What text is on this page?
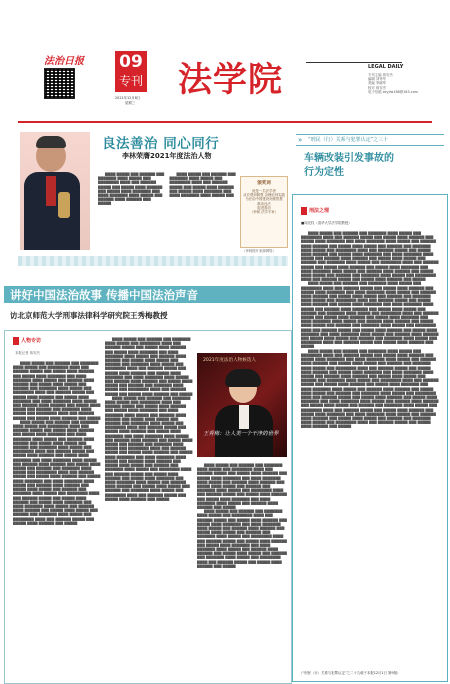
法治日报 09
专刊
2021年12月8日
星期三
法学院	LEGAL DAILY
专刊主编 蒋安杰
编辑 刘秀华
美编 李晓军
校对 蒋安杰
电子信箱 xeyjiw188@163.com
良法善治 同心同行
李林荣膺2021年度法治人物
▇▇▇▇ ▇▇▇▇▇ ▇▇▇ ▇▇▇▇▇▇ ▇▇▇ ▇▇▇▇▇▇▇ ▇▇▇▇ ▇▇▇▇▇ ▇▇▇ ▇▇▇▇▇▇▇▇ ▇▇▇▇ ▇▇▇ ▇▇▇▇▇▇ ▇▇▇▇▇ ▇▇▇ ▇▇▇▇▇ ▇▇▇▇ ▇▇▇▇▇▇ ▇▇▇ ▇▇▇▇▇ ▇▇▇▇ ▇▇▇▇▇▇▇ ▇▇▇ ▇▇▇▇ ▇▇▇▇▇▇▇ ▇▇▇▇ ▇▇▇▇▇ ▇▇▇ ▇▇▇▇▇▇ ▇▇▇▇ ▇▇▇▇▇▇ ▇▇▇ ▇▇▇▇▇
▇▇▇▇ ▇▇▇▇▇ ▇▇▇ ▇▇▇▇▇▇ ▇▇▇ ▇▇▇▇▇▇▇ ▇▇▇▇ ▇▇▇▇▇ ▇▇▇ ▇▇▇▇▇▇▇▇ ▇▇▇▇ ▇▇▇ ▇▇▇▇▇▇ ▇▇▇▇▇ ▇▇▇ ▇▇▇▇▇ ▇▇▇▇ ▇▇▇▇▇▇ ▇▇▇ ▇▇▇▇▇ ▇▇▇▇ ▇▇▇▇▇▇▇ ▇▇▇ ▇▇▇▇ ▇▇▇▇▇▇▇ ▇▇▇▇ ▇▇▇▇▇ ▇▇▇
颁奖词
他是一名法学者
从宏观到微观 由理论到实践
为法治中国建设贡献智慧
推动良法
促进善治
（李林 法学专家）
（李林图片来源网络）
讲好中国法治故事 传播中国法治声音
访北京师范大学刑事法律科学研究院王秀梅教授
人物专访
本报记者 蒋安杰
▇▇▇▇ ▇▇▇▇▇ ▇▇▇ ▇▇▇▇▇▇ ▇▇▇ ▇▇▇▇▇▇▇ ▇▇▇▇ ▇▇▇▇▇ ▇▇▇ ▇▇▇▇▇▇▇▇ ▇▇▇▇ ▇▇▇ ▇▇▇▇▇▇ ▇▇▇▇▇ ▇▇▇ ▇▇▇▇▇ ▇▇▇▇ ▇▇▇▇▇▇ ▇▇▇ ▇▇▇▇▇ ▇▇▇▇ ▇▇▇▇▇▇▇ ▇▇▇ ▇▇▇▇ ▇▇▇▇▇▇▇ ▇▇▇▇ ▇▇▇▇▇ ▇▇▇ ▇▇▇▇▇▇ ▇▇▇▇ ▇▇▇▇▇▇ ▇▇▇ ▇▇▇▇▇ ▇▇▇▇ ▇▇▇▇▇ ▇▇▇ ▇▇▇▇▇▇ ▇▇▇ ▇▇▇▇▇▇▇ ▇▇▇▇ ▇▇▇▇▇ ▇▇▇ ▇▇▇▇▇▇▇▇ ▇▇▇▇ ▇▇▇ ▇▇▇▇▇▇ ▇▇▇▇▇ ▇▇▇ ▇▇▇▇▇ ▇▇▇▇ ▇▇▇▇▇▇ ▇▇▇ ▇▇▇▇▇ ▇▇▇▇ ▇▇▇▇▇▇▇ ▇▇▇ ▇▇▇▇ ▇▇▇▇▇▇▇ ▇▇▇▇ ▇▇▇▇▇ ▇▇▇ ▇▇▇▇▇▇ ▇▇▇▇ ▇▇▇▇▇▇ ▇▇▇ ▇▇▇▇▇ ▇▇▇▇ ▇▇▇▇▇ ▇▇▇ ▇▇▇▇▇▇ ▇▇▇ ▇▇▇▇▇▇▇ ▇▇▇▇ ▇▇▇▇▇ ▇▇▇ ▇▇▇▇▇▇▇▇ ▇▇▇▇ ▇▇▇ ▇▇▇▇▇▇ ▇▇▇▇▇ ▇▇▇ ▇▇▇▇▇ ▇▇▇▇ ▇▇▇▇▇▇ ▇▇▇ ▇▇▇▇▇
▇▇▇▇ ▇▇▇▇▇ ▇▇▇ ▇▇▇▇▇▇ ▇▇▇ ▇▇▇▇▇▇▇ ▇▇▇▇ ▇▇▇▇▇ ▇▇▇ ▇▇▇▇▇▇▇▇ ▇▇▇▇ ▇▇▇ ▇▇▇▇▇▇ ▇▇▇▇▇ ▇▇▇ ▇▇▇▇▇ ▇▇▇▇ ▇▇▇▇▇▇ ▇▇▇ ▇▇▇▇▇ ▇▇▇▇ ▇▇▇▇▇▇▇ ▇▇▇ ▇▇▇▇ ▇▇▇▇▇▇▇ ▇▇▇▇ ▇▇▇▇▇ ▇▇▇ ▇▇▇▇▇▇ ▇▇▇▇ ▇▇▇▇▇▇ ▇▇▇ ▇▇▇▇▇ ▇▇▇▇ ▇▇▇▇▇ ▇▇▇ ▇▇▇▇▇▇ ▇▇▇ ▇▇▇▇▇▇▇ ▇▇▇▇ ▇▇▇▇▇ ▇▇▇ ▇▇▇▇▇▇▇▇ ▇▇▇▇ ▇▇▇ ▇▇▇▇▇▇ ▇▇▇▇▇ ▇▇▇ ▇▇▇▇▇ ▇▇▇▇ ▇▇▇▇▇▇ ▇▇▇ ▇▇▇▇▇ ▇▇▇▇ ▇▇▇▇▇▇▇ ▇▇▇ ▇▇▇▇ ▇▇▇▇▇▇▇ ▇▇▇▇ ▇▇▇▇▇ ▇▇▇ ▇▇▇▇▇▇ ▇▇▇▇ ▇▇▇▇▇▇ ▇▇▇ ▇▇▇▇▇ ▇▇▇▇ ▇▇▇▇▇ ▇▇▇ ▇▇▇▇▇▇ ▇▇▇ ▇▇▇▇▇▇▇ ▇▇▇▇ ▇▇▇▇▇ ▇▇▇ ▇▇▇▇▇▇▇▇ ▇▇▇▇ ▇▇▇ ▇▇▇▇▇▇ ▇▇▇▇▇ ▇▇▇ ▇▇▇▇▇ ▇▇▇▇ ▇▇▇▇▇▇ ▇▇▇ ▇▇▇▇▇ ▇▇▇▇ ▇▇▇▇▇▇▇ ▇▇▇ ▇▇▇▇ ▇▇▇▇▇▇▇ ▇▇▇▇ ▇▇▇▇▇ ▇▇▇ ▇▇▇▇▇▇ ▇▇▇▇ ▇▇▇▇▇▇ ▇▇▇ ▇▇▇▇▇ ▇▇▇▇ ▇▇▇▇▇ ▇▇▇ ▇▇▇▇▇▇ ▇▇▇ ▇▇▇▇▇▇▇ ▇▇▇▇ ▇▇▇▇▇ ▇▇▇ ▇▇▇▇▇▇▇▇ ▇▇▇▇ ▇▇▇ ▇▇▇▇▇▇ ▇▇▇▇▇ ▇▇▇ ▇▇▇▇▇ ▇▇▇▇ ▇▇▇▇▇▇ ▇▇▇ ▇▇▇▇▇ ▇▇▇▇ ▇▇▇▇▇▇▇ ▇▇▇ ▇▇▇▇ ▇▇▇▇▇▇▇ ▇▇▇▇ ▇▇▇▇▇ ▇▇▇ ▇▇▇▇▇▇ ▇▇▇▇ ▇▇▇▇▇▇ ▇▇▇ ▇▇▇▇▇ ▇▇▇▇ ▇▇▇▇▇ ▇▇▇ ▇▇▇▇▇▇ ▇▇▇ ▇▇▇▇▇▇▇ ▇▇▇▇ ▇▇▇▇▇ ▇▇▇ ▇▇▇▇▇▇▇▇ ▇▇▇▇ ▇▇▇ ▇▇▇▇▇▇ ▇▇▇▇▇ ▇▇▇ ▇▇▇▇▇ ▇▇▇▇ ▇▇▇▇▇▇ ▇▇▇ ▇▇▇▇▇
▇▇▇▇ ▇▇▇▇▇ ▇▇▇ ▇▇▇▇▇▇ ▇▇▇ ▇▇▇▇▇▇▇ ▇▇▇▇ ▇▇▇▇▇ ▇▇▇ ▇▇▇▇▇▇▇▇ ▇▇▇▇ ▇▇▇ ▇▇▇▇▇▇ ▇▇▇▇▇ ▇▇▇ ▇▇▇▇▇ ▇▇▇▇ ▇▇▇▇▇▇ ▇▇▇ ▇▇▇▇▇ ▇▇▇▇ ▇▇▇▇▇▇▇ ▇▇▇ ▇▇▇▇ ▇▇▇▇▇▇▇ ▇▇▇▇ ▇▇▇▇▇ ▇▇▇ ▇▇▇▇▇▇ ▇▇▇▇ ▇▇▇▇▇▇ ▇▇▇ ▇▇▇▇▇ ▇▇▇▇ ▇▇▇▇▇ ▇▇▇ ▇▇▇▇▇▇ ▇▇▇ ▇▇▇▇▇▇▇ ▇▇▇▇ ▇▇▇▇▇ ▇▇▇ ▇▇▇▇▇▇▇▇ ▇▇▇▇ ▇▇▇ ▇▇▇▇▇▇ ▇▇▇▇▇ ▇▇▇ ▇▇▇▇▇ ▇▇▇▇ ▇▇▇▇▇▇ ▇▇▇ ▇▇▇▇▇ ▇▇▇▇ ▇▇▇▇▇▇▇ ▇▇▇ ▇▇▇▇ ▇▇▇▇▇▇▇ ▇▇▇▇ ▇▇▇▇▇ ▇▇▇ ▇▇▇▇▇▇ ▇▇▇▇ ▇▇▇▇▇▇ ▇▇▇ ▇▇▇▇▇ ▇▇▇▇ ▇▇▇▇▇ ▇▇▇ ▇▇▇▇▇▇ ▇▇▇ ▇▇▇▇▇▇▇ ▇▇▇▇ ▇▇▇▇▇ ▇▇▇ ▇▇▇▇▇▇▇▇ ▇▇▇▇ ▇▇▇ ▇▇▇▇▇▇ ▇▇▇▇▇ ▇▇▇ ▇▇▇▇▇ ▇▇▇▇ ▇▇▇▇▇▇ ▇▇▇ ▇▇▇▇▇
▇▇▇▇ ▇▇▇▇▇ ▇▇▇ ▇▇▇▇▇▇ ▇▇▇ ▇▇▇▇▇▇▇ ▇▇▇▇ ▇▇▇▇▇ ▇▇▇ ▇▇▇▇▇▇▇▇ ▇▇▇▇ ▇▇▇ ▇▇▇▇▇▇ ▇▇▇▇▇ ▇▇▇ ▇▇▇▇▇ ▇▇▇▇ ▇▇▇▇▇▇ ▇▇▇ ▇▇▇▇▇ ▇▇▇▇ ▇▇▇▇▇▇▇ ▇▇▇ ▇▇▇▇ ▇▇▇▇▇▇▇ ▇▇▇▇ ▇▇▇▇▇ ▇▇▇ ▇▇▇▇▇▇ ▇▇▇▇ ▇▇▇▇▇▇ ▇▇▇ ▇▇▇▇▇ ▇▇▇▇ ▇▇▇▇▇ ▇▇▇ ▇▇▇▇▇▇ ▇▇▇ ▇▇▇▇▇▇▇ ▇▇▇▇ ▇▇▇▇▇ ▇▇▇ ▇▇▇▇▇▇▇▇ ▇▇▇▇ ▇▇▇ ▇▇▇▇▇▇ ▇▇▇▇▇ ▇▇▇ ▇▇▇▇▇ ▇▇▇▇ ▇▇▇▇▇▇ ▇▇▇ ▇▇▇▇▇ ▇▇▇▇ ▇▇▇▇▇▇▇ ▇▇▇ ▇▇▇▇ ▇▇▇▇▇▇▇ ▇▇▇▇ ▇▇▇▇▇ ▇▇▇ ▇▇▇▇▇▇ ▇▇▇▇ ▇▇▇▇▇▇ ▇▇▇ ▇▇▇▇▇ ▇▇▇▇ ▇▇▇▇▇ ▇▇▇ ▇▇▇▇▇▇ ▇▇▇ ▇▇▇▇▇▇▇ ▇▇▇▇ ▇▇▇▇▇ ▇▇▇ ▇▇▇▇▇▇▇▇ ▇▇▇▇ ▇▇▇ ▇▇▇▇▇▇ ▇▇▇▇▇ ▇▇▇ ▇▇▇▇▇ ▇▇▇▇ ▇▇▇▇▇▇ ▇▇▇ ▇▇▇▇▇ ▇▇▇▇ ▇▇▇▇▇▇▇ ▇▇▇ ▇▇▇▇ ▇▇▇▇▇▇▇ ▇▇▇▇ ▇▇▇▇▇ ▇▇▇ ▇▇▇▇▇▇ ▇▇▇▇ ▇▇▇▇▇▇ ▇▇▇ ▇▇▇▇▇ ▇▇▇▇ ▇▇▇▇▇ ▇▇▇ ▇▇▇▇▇▇ ▇▇▇ ▇▇▇▇▇▇▇ ▇▇▇▇ ▇▇▇▇▇ ▇▇▇ ▇▇▇▇▇▇▇▇ ▇▇▇▇ ▇▇▇ ▇▇▇▇▇▇ ▇▇▇▇▇ ▇▇▇ ▇▇▇▇▇ ▇▇▇▇ ▇▇▇▇▇▇ ▇▇▇ ▇▇▇▇▇ ▇▇▇▇ ▇▇▇▇▇▇▇ ▇▇▇ ▇▇▇▇ ▇▇▇▇▇▇▇ ▇▇▇▇ ▇▇▇▇▇ ▇▇▇ ▇▇▇▇▇▇ ▇▇▇▇ ▇▇▇▇▇▇ ▇▇▇ ▇▇▇▇▇ ▇▇▇▇ ▇▇▇▇▇ ▇▇▇ ▇▇▇▇▇▇ ▇▇▇ ▇▇▇▇▇▇▇ ▇▇▇▇ ▇▇▇▇▇ ▇▇▇ ▇▇▇▇▇▇▇▇ ▇▇▇▇ ▇▇▇ ▇▇▇▇▇▇ ▇▇▇▇▇ ▇▇▇ ▇▇▇▇▇ ▇▇▇▇ ▇▇▇▇▇▇ ▇▇▇ ▇▇▇▇▇
2021年度法治人物候选人
王秀梅：让人类一个干净的世界
▇▇▇▇ ▇▇▇▇▇ ▇▇▇ ▇▇▇▇▇▇ ▇▇▇ ▇▇▇▇▇▇▇ ▇▇▇▇ ▇▇▇▇▇ ▇▇▇ ▇▇▇▇▇▇▇▇ ▇▇▇▇ ▇▇▇ ▇▇▇▇▇▇ ▇▇▇▇▇ ▇▇▇ ▇▇▇▇▇ ▇▇▇▇ ▇▇▇▇▇▇ ▇▇▇ ▇▇▇▇▇ ▇▇▇▇ ▇▇▇▇▇▇▇ ▇▇▇ ▇▇▇▇ ▇▇▇▇▇▇▇ ▇▇▇▇ ▇▇▇▇▇ ▇▇▇ ▇▇▇▇▇▇ ▇▇▇▇ ▇▇▇▇▇▇ ▇▇▇ ▇▇▇▇▇ ▇▇▇▇ ▇▇▇▇▇ ▇▇▇ ▇▇▇▇▇▇ ▇▇▇ ▇▇▇▇▇▇▇ ▇▇▇▇ ▇▇▇▇▇ ▇▇▇ ▇▇▇▇▇▇▇▇ ▇▇▇▇ ▇▇▇ ▇▇▇▇▇▇ ▇▇▇▇▇ ▇▇▇ ▇▇▇▇▇ ▇▇▇▇ ▇▇▇▇▇▇ ▇▇▇ ▇▇▇▇▇ ▇▇▇▇ ▇▇▇▇▇▇▇ ▇▇▇ ▇▇▇▇ ▇▇▇▇▇▇▇ ▇▇▇▇ ▇▇▇▇▇ ▇▇▇ ▇▇▇▇▇▇ ▇▇▇▇ ▇▇▇▇▇▇ ▇▇▇ ▇▇▇▇▇
▇▇▇▇ ▇▇▇▇▇ ▇▇▇ ▇▇▇▇▇▇ ▇▇▇ ▇▇▇▇▇▇▇ ▇▇▇▇ ▇▇▇▇▇ ▇▇▇ ▇▇▇▇▇▇▇▇ ▇▇▇▇ ▇▇▇ ▇▇▇▇▇▇ ▇▇▇▇▇ ▇▇▇ ▇▇▇▇▇ ▇▇▇▇ ▇▇▇▇▇▇ ▇▇▇ ▇▇▇▇▇ ▇▇▇▇ ▇▇▇▇▇▇▇ ▇▇▇ ▇▇▇▇ ▇▇▇▇▇▇▇ ▇▇▇▇ ▇▇▇▇▇ ▇▇▇ ▇▇▇▇▇▇ ▇▇▇▇ ▇▇▇▇▇▇ ▇▇▇ ▇▇▇▇▇ ▇▇▇▇ ▇▇▇▇▇ ▇▇▇ ▇▇▇▇▇▇ ▇▇▇ ▇▇▇▇▇▇▇ ▇▇▇▇ ▇▇▇▇▇ ▇▇▇ ▇▇▇▇▇▇▇▇ ▇▇▇▇ ▇▇▇ ▇▇▇▇▇▇ ▇▇▇▇▇ ▇▇▇ ▇▇▇▇▇ ▇▇▇▇ ▇▇▇▇▇▇ ▇▇▇ ▇▇▇▇▇ ▇▇▇▇ ▇▇▇▇▇▇▇ ▇▇▇ ▇▇▇▇ ▇▇▇▇▇▇▇ ▇▇▇▇ ▇▇▇▇▇ ▇▇▇ ▇▇▇▇▇▇ ▇▇▇▇ ▇▇▇▇▇▇ ▇▇▇ ▇▇▇▇▇ ▇▇▇▇ ▇▇▇▇▇ ▇▇▇ ▇▇▇▇▇▇ ▇▇▇ ▇▇▇▇▇▇▇ ▇▇▇▇ ▇▇▇▇▇ ▇▇▇ ▇▇▇▇▇▇▇▇ ▇▇▇▇ ▇▇▇ ▇▇▇▇▇▇ ▇▇▇▇▇ ▇▇▇ ▇▇▇▇▇ ▇▇▇▇ ▇▇▇▇▇▇ ▇▇▇ ▇▇▇▇▇
» “刑民（行）关系与犯罪认定”之三十
车辆改装引发事故的行为定性
刑法之理
■周光权（清华大学法学院教授）
▇▇▇▇ ▇▇▇▇▇ ▇▇▇ ▇▇▇▇▇▇ ▇▇▇ ▇▇▇▇▇▇▇ ▇▇▇▇ ▇▇▇▇▇ ▇▇▇ ▇▇▇▇▇▇▇▇ ▇▇▇▇ ▇▇▇ ▇▇▇▇▇▇ ▇▇▇▇▇ ▇▇▇ ▇▇▇▇▇ ▇▇▇▇ ▇▇▇▇▇▇ ▇▇▇ ▇▇▇▇▇ ▇▇▇▇ ▇▇▇▇▇▇▇ ▇▇▇ ▇▇▇▇ ▇▇▇▇▇▇▇ ▇▇▇▇ ▇▇▇▇▇ ▇▇▇ ▇▇▇▇▇▇ ▇▇▇▇ ▇▇▇▇▇▇ ▇▇▇ ▇▇▇▇▇ ▇▇▇▇ ▇▇▇▇▇ ▇▇▇ ▇▇▇▇▇▇ ▇▇▇ ▇▇▇▇▇▇▇ ▇▇▇▇ ▇▇▇▇▇ ▇▇▇ ▇▇▇▇▇▇▇▇ ▇▇▇▇ ▇▇▇ ▇▇▇▇▇▇ ▇▇▇▇▇ ▇▇▇ ▇▇▇▇▇ ▇▇▇▇ ▇▇▇▇▇▇ ▇▇▇ ▇▇▇▇▇ ▇▇▇▇ ▇▇▇▇▇▇▇ ▇▇▇ ▇▇▇▇ ▇▇▇▇▇▇▇ ▇▇▇▇ ▇▇▇▇▇ ▇▇▇ ▇▇▇▇▇▇ ▇▇▇▇ ▇▇▇▇▇▇ ▇▇▇ ▇▇▇▇▇ ▇▇▇▇ ▇▇▇▇▇ ▇▇▇ ▇▇▇▇▇▇ ▇▇▇ ▇▇▇▇▇▇▇ ▇▇▇▇ ▇▇▇▇▇ ▇▇▇ ▇▇▇▇▇▇▇▇ ▇▇▇▇ ▇▇▇ ▇▇▇▇▇▇ ▇▇▇▇▇ ▇▇▇ ▇▇▇▇▇ ▇▇▇▇ ▇▇▇▇▇▇ ▇▇▇ ▇▇▇▇▇ ▇▇▇▇ ▇▇▇▇▇▇▇ ▇▇▇ ▇▇▇▇ ▇▇▇▇▇▇▇ ▇▇▇▇ ▇▇▇▇▇ ▇▇▇ ▇▇▇▇▇▇ ▇▇▇▇ ▇▇▇▇▇▇ ▇▇▇ ▇▇▇▇▇ ▇▇▇▇ ▇▇▇▇▇ ▇▇▇ ▇▇▇▇▇▇ ▇▇▇ ▇▇▇▇▇▇▇ ▇▇▇▇ ▇▇▇▇▇ ▇▇▇ ▇▇▇▇▇▇▇▇ ▇▇▇▇ ▇▇▇ ▇▇▇▇▇▇ ▇▇▇▇▇ ▇▇▇ ▇▇▇▇▇ ▇▇▇▇ ▇▇▇▇▇▇ ▇▇▇ ▇▇▇▇▇
▇▇▇▇ ▇▇▇▇▇ ▇▇▇ ▇▇▇▇▇▇ ▇▇▇ ▇▇▇▇▇▇▇ ▇▇▇▇ ▇▇▇▇▇ ▇▇▇ ▇▇▇▇▇▇▇▇ ▇▇▇▇ ▇▇▇ ▇▇▇▇▇▇ ▇▇▇▇▇ ▇▇▇ ▇▇▇▇▇ ▇▇▇▇ ▇▇▇▇▇▇ ▇▇▇ ▇▇▇▇▇ ▇▇▇▇ ▇▇▇▇▇▇▇ ▇▇▇ ▇▇▇▇ ▇▇▇▇▇▇▇ ▇▇▇▇ ▇▇▇▇▇ ▇▇▇ ▇▇▇▇▇▇ ▇▇▇▇ ▇▇▇▇▇▇ ▇▇▇ ▇▇▇▇▇ ▇▇▇▇ ▇▇▇▇▇ ▇▇▇ ▇▇▇▇▇▇ ▇▇▇ ▇▇▇▇▇▇▇ ▇▇▇▇ ▇▇▇▇▇ ▇▇▇ ▇▇▇▇▇▇▇▇ ▇▇▇▇ ▇▇▇ ▇▇▇▇▇▇ ▇▇▇▇▇ ▇▇▇ ▇▇▇▇▇ ▇▇▇▇ ▇▇▇▇▇▇ ▇▇▇ ▇▇▇▇▇ ▇▇▇▇ ▇▇▇▇▇▇▇ ▇▇▇ ▇▇▇▇ ▇▇▇▇▇▇▇ ▇▇▇▇ ▇▇▇▇▇ ▇▇▇ ▇▇▇▇▇▇ ▇▇▇▇ ▇▇▇▇▇▇ ▇▇▇ ▇▇▇▇▇ ▇▇▇▇ ▇▇▇▇▇ ▇▇▇ ▇▇▇▇▇▇ ▇▇▇ ▇▇▇▇▇▇▇ ▇▇▇▇ ▇▇▇▇▇ ▇▇▇ ▇▇▇▇▇▇▇▇ ▇▇▇▇ ▇▇▇ ▇▇▇▇▇▇ ▇▇▇▇▇ ▇▇▇ ▇▇▇▇▇ ▇▇▇▇ ▇▇▇▇▇▇ ▇▇▇ ▇▇▇▇▇ ▇▇▇▇ ▇▇▇▇▇▇▇ ▇▇▇ ▇▇▇▇ ▇▇▇▇▇▇▇ ▇▇▇▇ ▇▇▇▇▇ ▇▇▇ ▇▇▇▇▇▇ ▇▇▇▇ ▇▇▇▇▇▇ ▇▇▇ ▇▇▇▇▇ ▇▇▇▇ ▇▇▇▇▇ ▇▇▇ ▇▇▇▇▇▇ ▇▇▇ ▇▇▇▇▇▇▇ ▇▇▇▇ ▇▇▇▇▇ ▇▇▇ ▇▇▇▇▇▇▇▇ ▇▇▇▇ ▇▇▇ ▇▇▇▇▇▇ ▇▇▇▇▇ ▇▇▇ ▇▇▇▇▇ ▇▇▇▇ ▇▇▇▇▇▇ ▇▇▇ ▇▇▇▇▇ ▇▇▇▇ ▇▇▇▇▇▇▇ ▇▇▇ ▇▇▇▇ ▇▇▇▇▇▇▇ ▇▇▇▇ ▇▇▇▇▇ ▇▇▇ ▇▇▇▇▇▇ ▇▇▇▇ ▇▇▇▇▇▇ ▇▇▇ ▇▇▇▇▇ ▇▇▇▇ ▇▇▇▇▇ ▇▇▇ ▇▇▇▇▇▇ ▇▇▇ ▇▇▇▇▇▇▇ ▇▇▇▇ ▇▇▇▇▇ ▇▇▇ ▇▇▇▇▇▇▇▇ ▇▇▇▇ ▇▇▇ ▇▇▇▇▇▇ ▇▇▇▇▇ ▇▇▇ ▇▇▇▇▇ ▇▇▇▇ ▇▇▇▇▇▇ ▇▇▇ ▇▇▇▇▇
▇▇▇▇ ▇▇▇▇▇ ▇▇▇ ▇▇▇▇▇▇ ▇▇▇ ▇▇▇▇▇▇▇ ▇▇▇▇ ▇▇▇▇▇ ▇▇▇ ▇▇▇▇▇▇▇▇ ▇▇▇▇ ▇▇▇ ▇▇▇▇▇▇ ▇▇▇▇▇ ▇▇▇ ▇▇▇▇▇ ▇▇▇▇ ▇▇▇▇▇▇ ▇▇▇ ▇▇▇▇▇ ▇▇▇▇ ▇▇▇▇▇▇▇ ▇▇▇ ▇▇▇▇ ▇▇▇▇▇▇▇ ▇▇▇▇ ▇▇▇▇▇ ▇▇▇ ▇▇▇▇▇▇ ▇▇▇▇ ▇▇▇▇▇▇ ▇▇▇ ▇▇▇▇▇ ▇▇▇▇ ▇▇▇▇▇ ▇▇▇ ▇▇▇▇▇▇ ▇▇▇ ▇▇▇▇▇▇▇ ▇▇▇▇ ▇▇▇▇▇ ▇▇▇ ▇▇▇▇▇▇▇▇ ▇▇▇▇ ▇▇▇ ▇▇▇▇▇▇ ▇▇▇▇▇ ▇▇▇ ▇▇▇▇▇ ▇▇▇▇ ▇▇▇▇▇▇ ▇▇▇ ▇▇▇▇▇ ▇▇▇▇ ▇▇▇▇▇▇▇ ▇▇▇ ▇▇▇▇ ▇▇▇▇▇▇▇ ▇▇▇▇ ▇▇▇▇▇ ▇▇▇ ▇▇▇▇▇▇ ▇▇▇▇ ▇▇▇▇▇▇ ▇▇▇ ▇▇▇▇▇ ▇▇▇▇ ▇▇▇▇▇ ▇▇▇ ▇▇▇▇▇▇ ▇▇▇ ▇▇▇▇▇▇▇ ▇▇▇▇ ▇▇▇▇▇ ▇▇▇ ▇▇▇▇▇▇▇▇ ▇▇▇▇ ▇▇▇ ▇▇▇▇▇▇ ▇▇▇▇▇ ▇▇▇ ▇▇▇▇▇ ▇▇▇▇ ▇▇▇▇▇▇ ▇▇▇ ▇▇▇▇▇ ▇▇▇▇ ▇▇▇▇▇▇▇ ▇▇▇ ▇▇▇▇ ▇▇▇▇▇▇▇ ▇▇▇▇ ▇▇▇▇▇ ▇▇▇ ▇▇▇▇▇▇ ▇▇▇▇ ▇▇▇▇▇▇ ▇▇▇ ▇▇▇▇▇ ▇▇▇▇ ▇▇▇▇▇ ▇▇▇ ▇▇▇▇▇▇ ▇▇▇ ▇▇▇▇▇▇▇ ▇▇▇▇ ▇▇▇▇▇ ▇▇▇ ▇▇▇▇▇▇▇▇ ▇▇▇▇ ▇▇▇ ▇▇▇▇▇▇ ▇▇▇▇▇ ▇▇▇ ▇▇▇▇▇ ▇▇▇▇ ▇▇▇▇▇▇ ▇▇▇ ▇▇▇▇▇ ▇▇▇▇ ▇▇▇▇▇▇▇ ▇▇▇ ▇▇▇▇ ▇▇▇▇▇▇▇ ▇▇▇▇ ▇▇▇▇▇ ▇▇▇ ▇▇▇▇▇▇ ▇▇▇▇ ▇▇▇▇▇▇ ▇▇▇ ▇▇▇▇▇ ▇▇▇▇ ▇▇▇▇▇ ▇▇▇ ▇▇▇▇▇▇ ▇▇▇ ▇▇▇▇▇▇▇ ▇▇▇▇ ▇▇▇▇▇ ▇▇▇ ▇▇▇▇▇▇▇▇ ▇▇▇▇ ▇▇▇ ▇▇▇▇▇▇ ▇▇▇▇▇ ▇▇▇ ▇▇▇▇▇ ▇▇▇▇ ▇▇▇▇▇▇ ▇▇▇ ▇▇▇▇▇ ▇▇▇▇ ▇▇▇▇▇▇▇ ▇▇▇ ▇▇▇▇ ▇▇▇▇▇▇▇ ▇▇▇▇ ▇▇▇▇▇ ▇▇▇ ▇▇▇▇▇▇ ▇▇▇▇ ▇▇▇▇▇▇ ▇▇▇ ▇▇▇▇▇ ▇▇▇▇ ▇▇▇▇▇ ▇▇▇ ▇▇▇▇▇▇ ▇▇▇ ▇▇▇▇▇▇▇ ▇▇▇▇ ▇▇▇▇▇ ▇▇▇ ▇▇▇▇▇▇▇▇ ▇▇▇▇ ▇▇▇ ▇▇▇▇▇▇ ▇▇▇▇▇ ▇▇▇ ▇▇▇▇▇ ▇▇▇▇ ▇▇▇▇▇▇ ▇▇▇ ▇▇▇▇▇
（“刑民（行）关系与犯罪认定”之二十九载于本报12月1日 第9版）
